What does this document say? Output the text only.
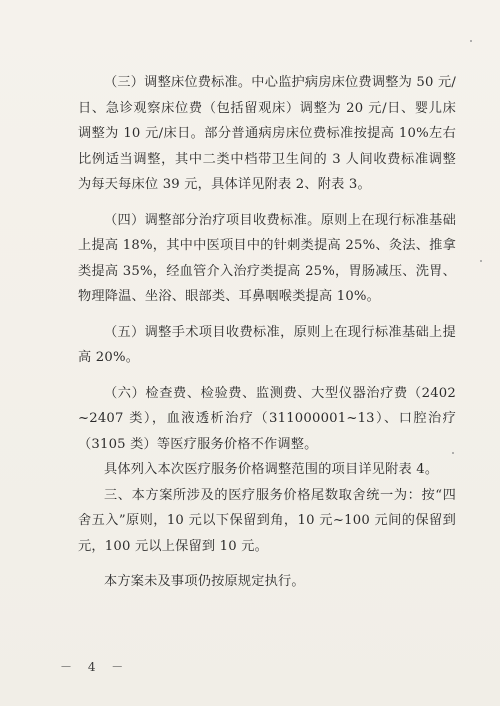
（三）调整床位费标准。中心监护病房床位费调整为 50 元/日、急诊观察床位费（包括留观床）调整为 20 元/日、婴儿床调整为 10 元/床日。部分普通病房床位费标准按提高 10%左右比例适当调整，其中二类中档带卫生间的 3 人间收费标准调整为每天每床位 39 元，具体详见附表 2、附表 3。

（四）调整部分治疗项目收费标准。原则上在现行标准基础上提高 18%，其中中医项目中的针刺类提高 25%、灸法、推拿类提高 35%，经血管介入治疗类提高 25%，胃肠减压、洗胃、物理降温、坐浴、眼部类、耳鼻咽喉类提高 10%。

（五）调整手术项目收费标准，原则上在现行标准基础上提高 20%。

（六）检查费、检验费、监测费、大型仪器治疗费（2402~2407 类），血液透析治疗（311000001~13）、口腔治疗（3105 类）等医疗服务价格不作调整。

具体列入本次医疗服务价格调整范围的项目详见附表 4。

三、本方案所涉及的医疗服务价格尾数取舍统一为：按“四舍五入”原则，10 元以下保留到角，10 元~100 元间的保留到元，100 元以上保留到 10 元。

本方案未及事项仍按原规定执行。

－ 4 －
